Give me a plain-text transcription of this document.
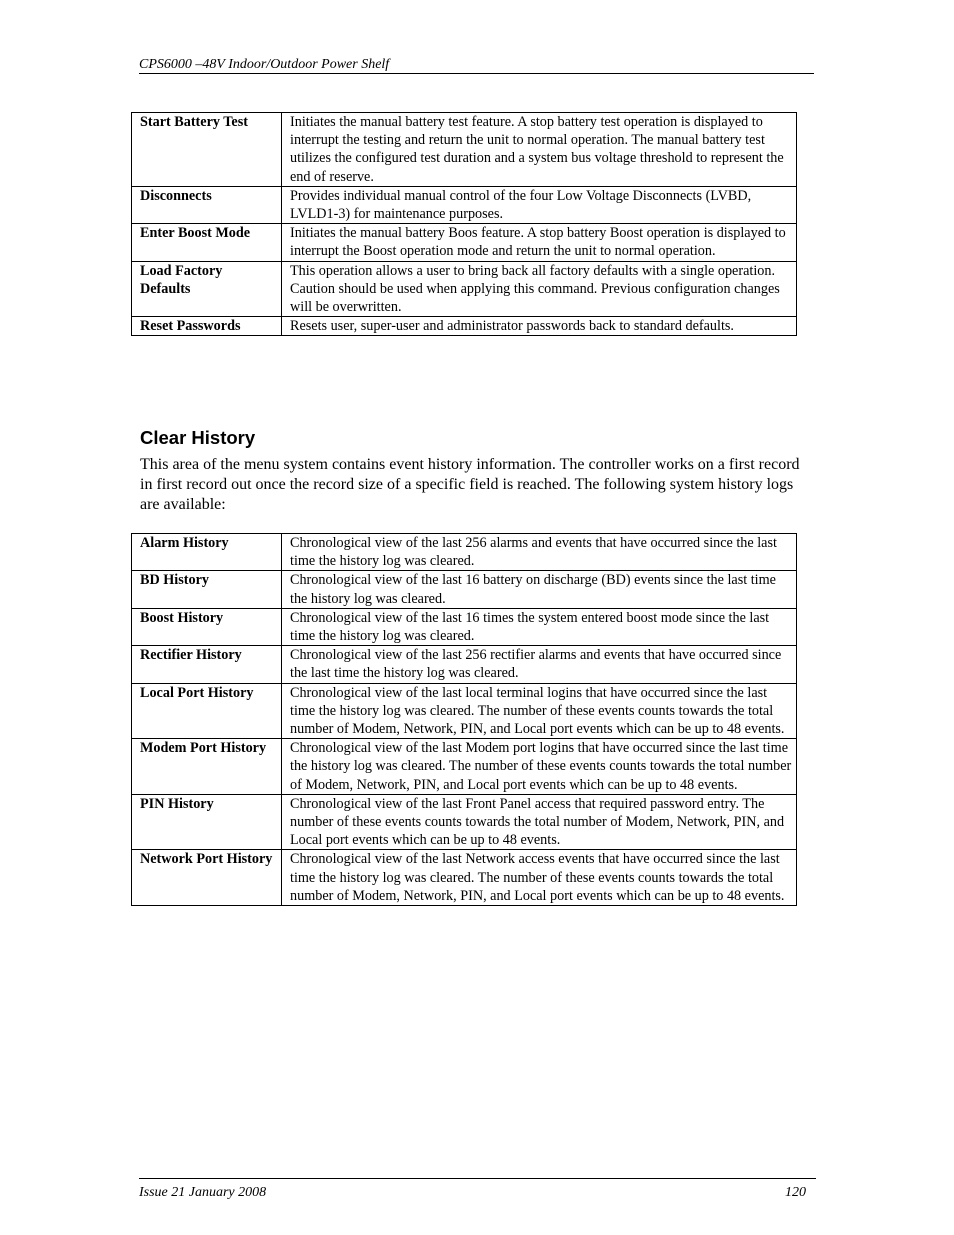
CPS6000 –48V Indoor/Outdoor Power Shelf
Start Battery Test	Initiates the manual battery test feature. A stop battery test operation is displayed to interrupt the testing and return the unit to normal operation. The manual battery test utilizes the configured test duration and a system bus voltage threshold to represent the end of reserve.
Disconnects	Provides individual manual control of the four Low Voltage Disconnects (LVBD, LVLD1-3) for maintenance purposes.
Enter Boost Mode	Initiates the manual battery Boos feature. A stop battery Boost operation is displayed to interrupt the Boost operation mode and return the unit to normal operation.
Load Factory Defaults	This operation allows a user to bring back all factory defaults with a single operation. Caution should be used when applying this command. Previous configuration changes will be overwritten.
Reset Passwords	Resets user, super-user and administrator passwords back to standard defaults.
Clear History

This area of the menu system contains event history information. The controller works on a first record in first record out once the record size of a specific field is reached. The following system history logs are available:

Alarm History	Chronological view of the last 256 alarms and events that have occurred since the last time the history log was cleared.
BD History	Chronological view of the last 16 battery on discharge (BD) events since the last time the history log was cleared.
Boost History	Chronological view of the last 16 times the system entered boost mode since the last time the history log was cleared.
Rectifier History	Chronological view of the last 256 rectifier alarms and events that have occurred since the last time the history log was cleared.
Local Port History	Chronological view of the last local terminal logins that have occurred since the last time the history log was cleared. The number of these events counts towards the total number of Modem, Network, PIN, and Local port events which can be up to 48 events.
Modem Port History	Chronological view of the last Modem port logins that have occurred since the last time the history log was cleared. The number of these events counts towards the total number of Modem, Network, PIN, and Local port events which can be up to 48 events.
PIN History	Chronological view of the last Front Panel access that required password entry. The number of these events counts towards the total number of Modem, Network, PIN, and Local port events which can be up to 48 events.
Network Port History	Chronological view of the last Network access events that have occurred since the last time the history log was cleared. The number of these events counts towards the total number of Modem, Network, PIN, and Local port events which can be up to 48 events.
Issue 21 January 2008	120
